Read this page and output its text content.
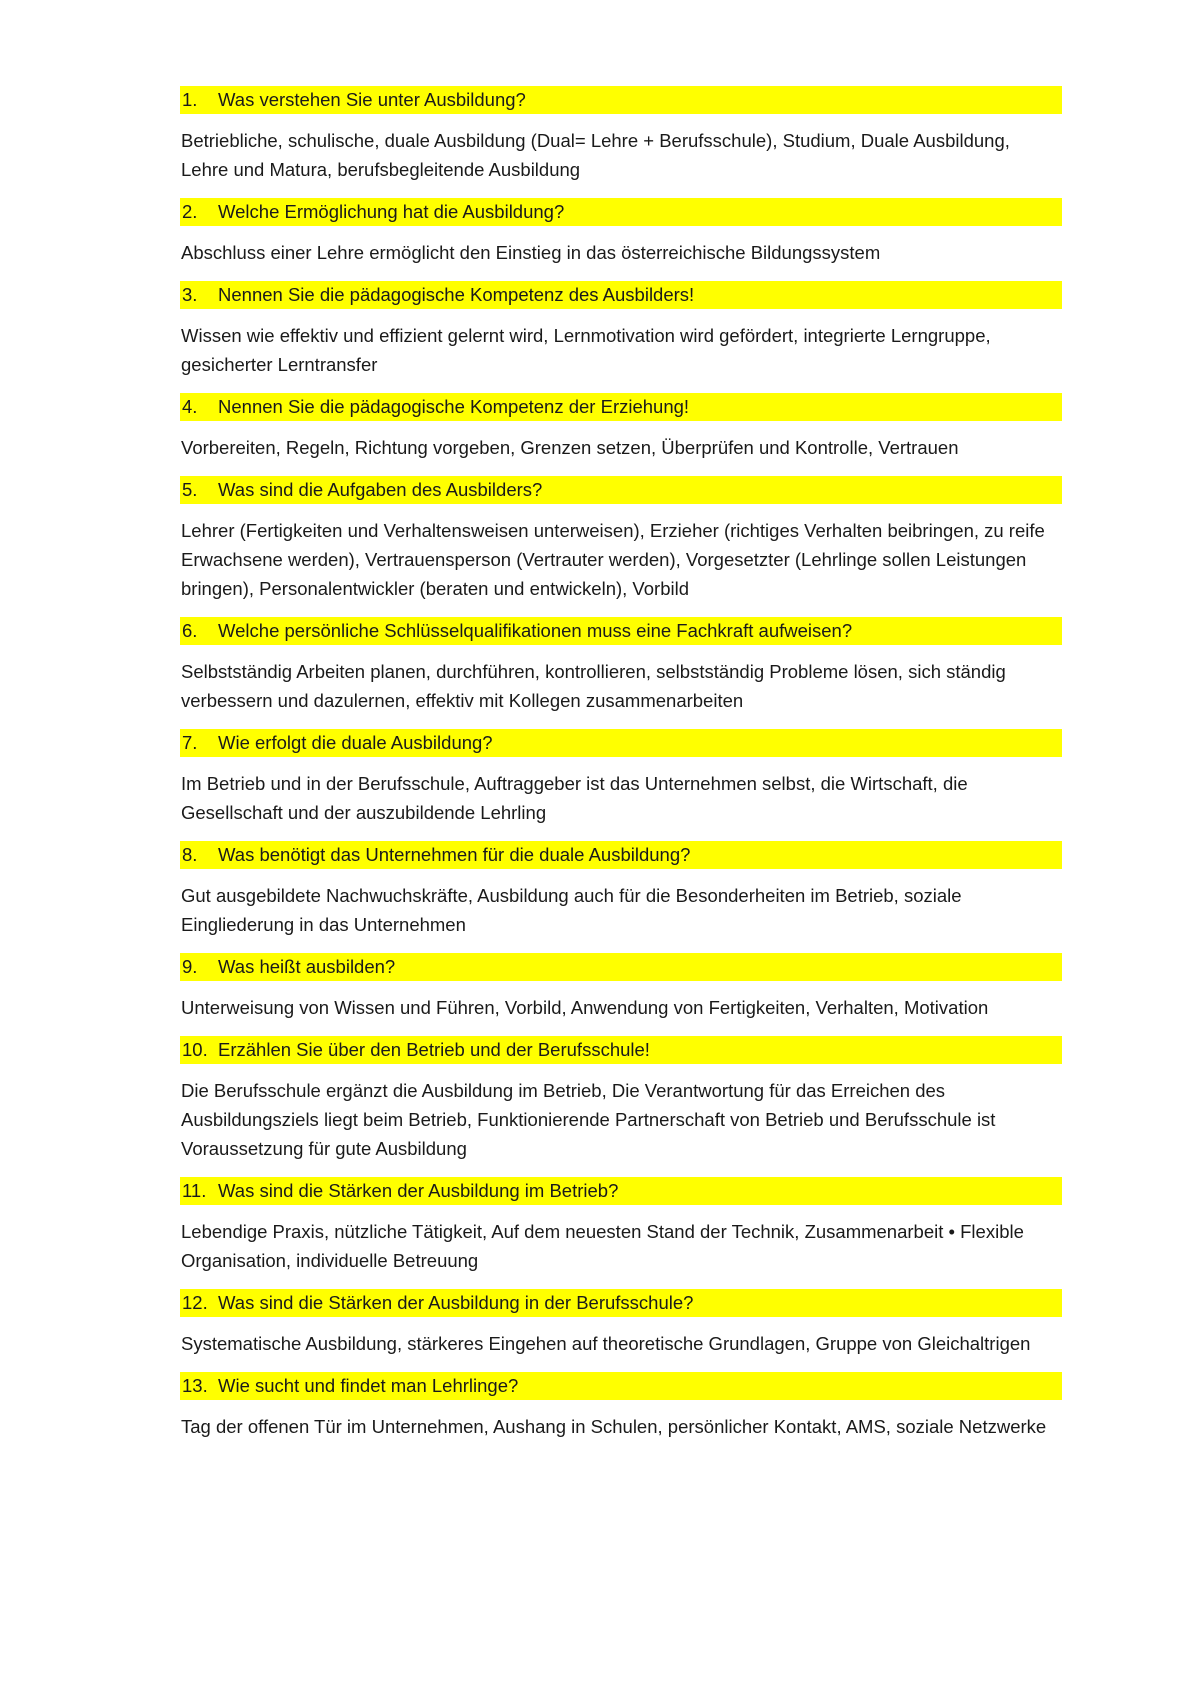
1.	Was verstehen Sie unter Ausbildung?
Betriebliche, schulische, duale Ausbildung (Dual= Lehre + Berufsschule), Studium, Duale Ausbildung, Lehre und Matura, berufsbegleitende Ausbildung
2.	Welche Ermöglichung hat die Ausbildung?
Abschluss einer Lehre ermöglicht den Einstieg in das österreichische Bildungssystem
3.	Nennen Sie die pädagogische Kompetenz des Ausbilders!
Wissen wie effektiv und effizient gelernt wird, Lernmotivation wird gefördert, integrierte Lerngruppe, gesicherter Lerntransfer
4.	Nennen Sie die pädagogische Kompetenz der Erziehung!
Vorbereiten, Regeln, Richtung vorgeben, Grenzen setzen, Überprüfen und Kontrolle, Vertrauen
5.	Was sind die Aufgaben des Ausbilders?
Lehrer (Fertigkeiten und Verhaltensweisen unterweisen), Erzieher (richtiges Verhalten beibringen, zu reife Erwachsene werden), Vertrauensperson (Vertrauter werden), Vorgesetzter (Lehrlinge sollen Leistungen bringen), Personalentwickler (beraten und entwickeln), Vorbild
6.	Welche persönliche Schlüsselqualifikationen muss eine Fachkraft aufweisen?
Selbstständig Arbeiten planen, durchführen, kontrollieren, selbstständig Probleme lösen, sich ständig verbessern und dazulernen, effektiv mit Kollegen zusammenarbeiten
7.	Wie erfolgt die duale Ausbildung?
Im Betrieb und in der Berufsschule, Auftraggeber ist das Unternehmen selbst, die Wirtschaft, die Gesellschaft und der auszubildende Lehrling
8.	Was benötigt das Unternehmen für die duale Ausbildung?
Gut ausgebildete Nachwuchskräfte, Ausbildung auch für die Besonderheiten im Betrieb, soziale Eingliederung in das Unternehmen
9.	Was heißt ausbilden?
Unterweisung von Wissen und Führen, Vorbild, Anwendung von Fertigkeiten, Verhalten, Motivation
10. Erzählen Sie über den Betrieb und der Berufsschule!
Die Berufsschule ergänzt die Ausbildung im Betrieb, Die Verantwortung für das Erreichen des Ausbildungsziels liegt beim Betrieb, Funktionierende Partnerschaft von Betrieb und Berufsschule ist Voraussetzung für gute Ausbildung
11. Was sind die Stärken der Ausbildung im Betrieb?
Lebendige Praxis, nützliche Tätigkeit, Auf dem neuesten Stand der Technik, Zusammenarbeit • Flexible Organisation, individuelle Betreuung
12. Was sind die Stärken der Ausbildung in der Berufsschule?
Systematische Ausbildung, stärkeres Eingehen auf theoretische Grundlagen, Gruppe von Gleichaltrigen
13. Wie sucht und findet man Lehrlinge?
Tag der offenen Tür im Unternehmen, Aushang in Schulen, persönlicher Kontakt, AMS, soziale Netzwerke
